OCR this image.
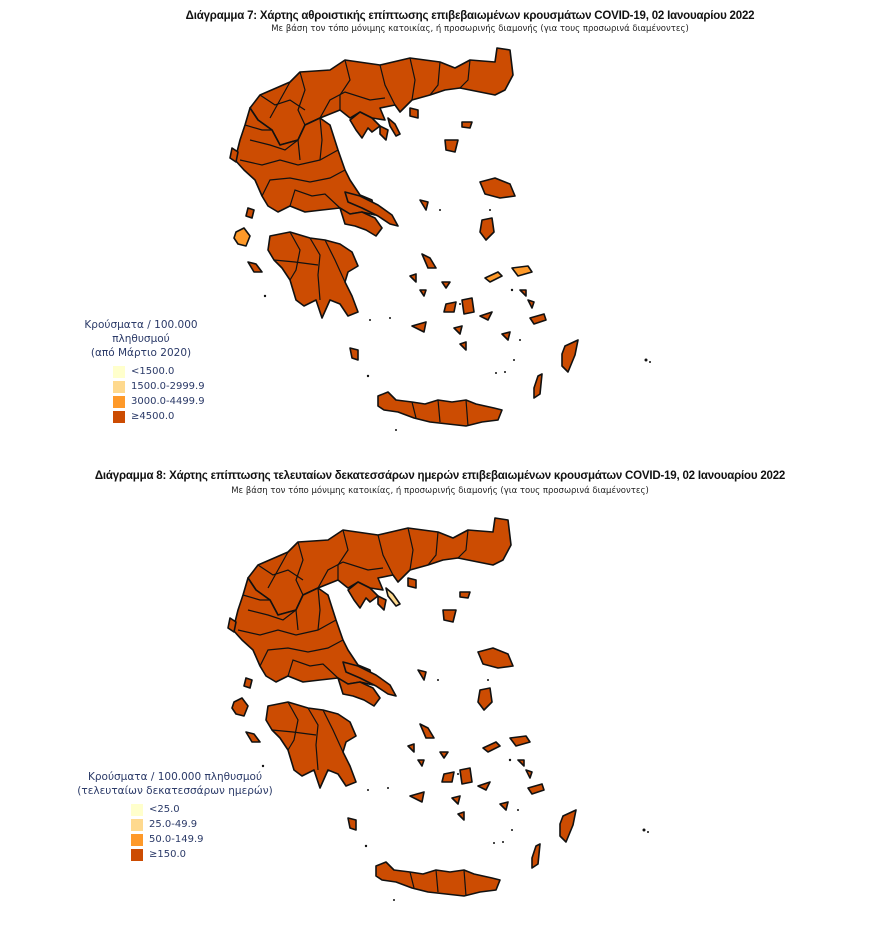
Διάγραμμα 7: Χάρτης αθροιστικής επίπτωσης επιβεβαιωμένων κρουσμάτων COVID-19, 02 Ιανουαρίου 2022
Με βάση τον τόπο μόνιμης κατοικίας, ή προσωρινής διαμονής (για τους προσωρινά διαμένοντες)
Κρούσματα / 100.000 πληθυσμού
(από Μάρτιο 2020)
<1500.0
1500.0-2999.9
3000.0-4499.9
≥4500.0
Διάγραμμα 8: Χάρτης επίπτωσης τελευταίων δεκατεσσάρων ημερών επιβεβαιωμένων κρουσμάτων COVID-19, 02 Ιανουαρίου 2022
Με βάση τον τόπο μόνιμης κατοικίας, ή προσωρινής διαμονής (για τους προσωρινά διαμένοντες)
Κρούσματα / 100.000 πληθυσμού
(τελευταίων δεκατεσσάρων ημερών)
<25.0
25.0-49.9
50.0-149.9
≥150.0
